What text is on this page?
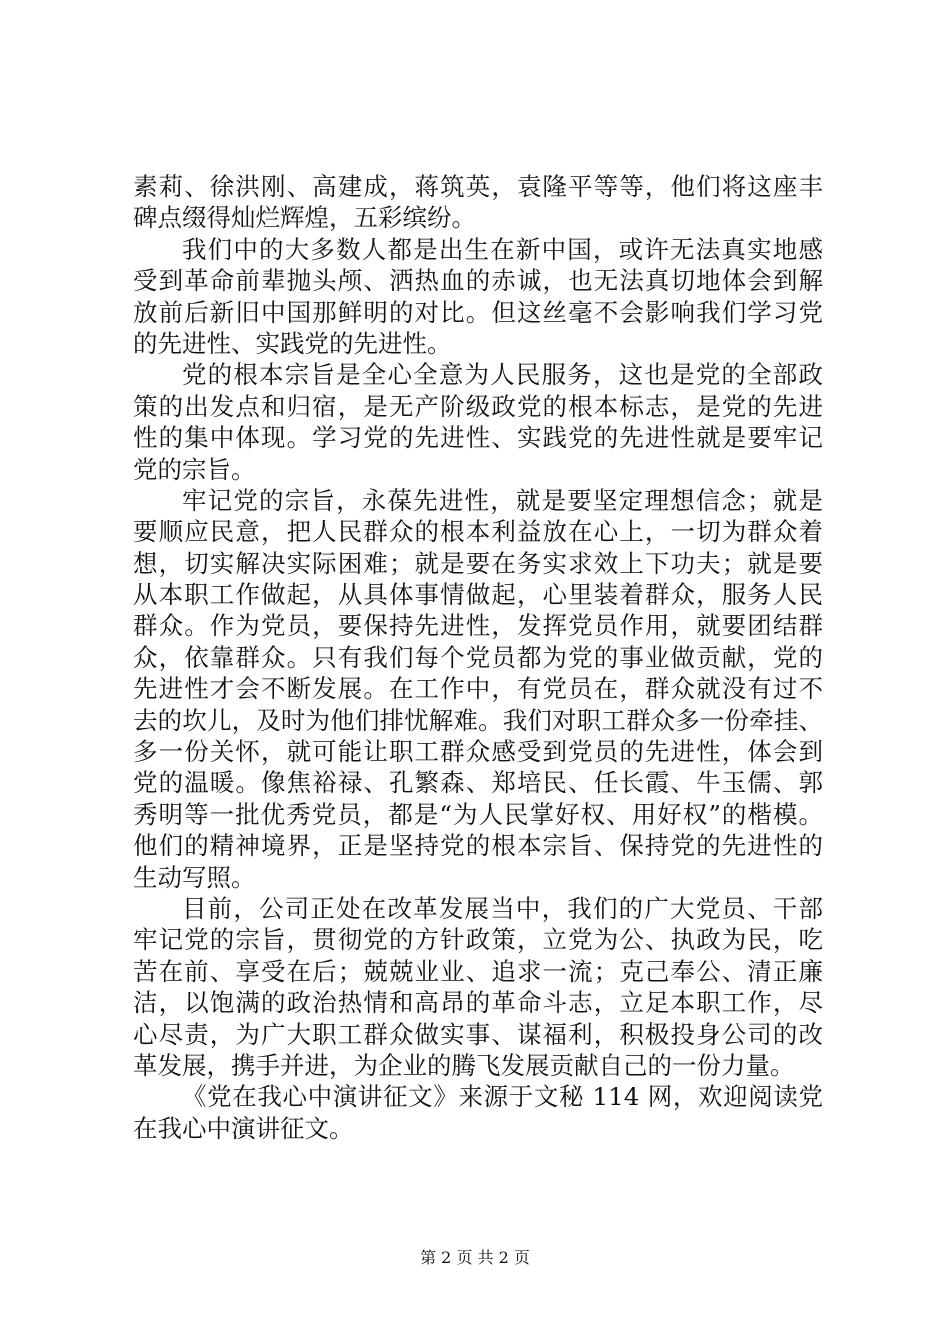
素莉、徐洪刚、高建成，蒋筑英，袁隆平等等，他们将这座丰
碑点缀得灿烂辉煌，五彩缤纷。
我们中的大多数人都是出生在新中国，或许无法真实地感
受到革命前辈抛头颅、洒热血的赤诚，也无法真切地体会到解
放前后新旧中国那鲜明的对比。但这丝毫不会影响我们学习党
的先进性、实践党的先进性。
党的根本宗旨是全心全意为人民服务，这也是党的全部政
策的出发点和归宿，是无产阶级政党的根本标志，是党的先进
性的集中体现。学习党的先进性、实践党的先进性就是要牢记
党的宗旨。
牢记党的宗旨，永葆先进性，就是要坚定理想信念；就是
要顺应民意，把人民群众的根本利益放在心上，一切为群众着
想，切实解决实际困难；就是要在务实求效上下功夫；就是要
从本职工作做起，从具体事情做起，心里装着群众，服务人民
群众。作为党员，要保持先进性，发挥党员作用，就要团结群
众，依靠群众。只有我们每个党员都为党的事业做贡献，党的
先进性才会不断发展。在工作中，有党员在，群众就没有过不
去的坎儿，及时为他们排忧解难。我们对职工群众多一份牵挂、
多一份关怀，就可能让职工群众感受到党员的先进性，体会到
党的温暖。像焦裕禄、孔繁森、郑培民、任长霞、牛玉儒、郭
秀明等一批优秀党员，都是“为人民掌好权、用好权”的楷模。
他们的精神境界，正是坚持党的根本宗旨、保持党的先进性的
生动写照。
目前，公司正处在改革发展当中，我们的广大党员、干部
牢记党的宗旨，贯彻党的方针政策，立党为公、执政为民，吃
苦在前、享受在后；兢兢业业、追求一流；克己奉公、清正廉
洁，以饱满的政治热情和高昂的革命斗志，立足本职工作，尽
心尽责，为广大职工群众做实事、谋福利，积极投身公司的改
革发展，携手并进，为企业的腾飞发展贡献自己的一份力量。
《党在我心中演讲征文》来源于文秘 114 网，欢迎阅读党
在我心中演讲征文。
第 2 页 共 2 页
